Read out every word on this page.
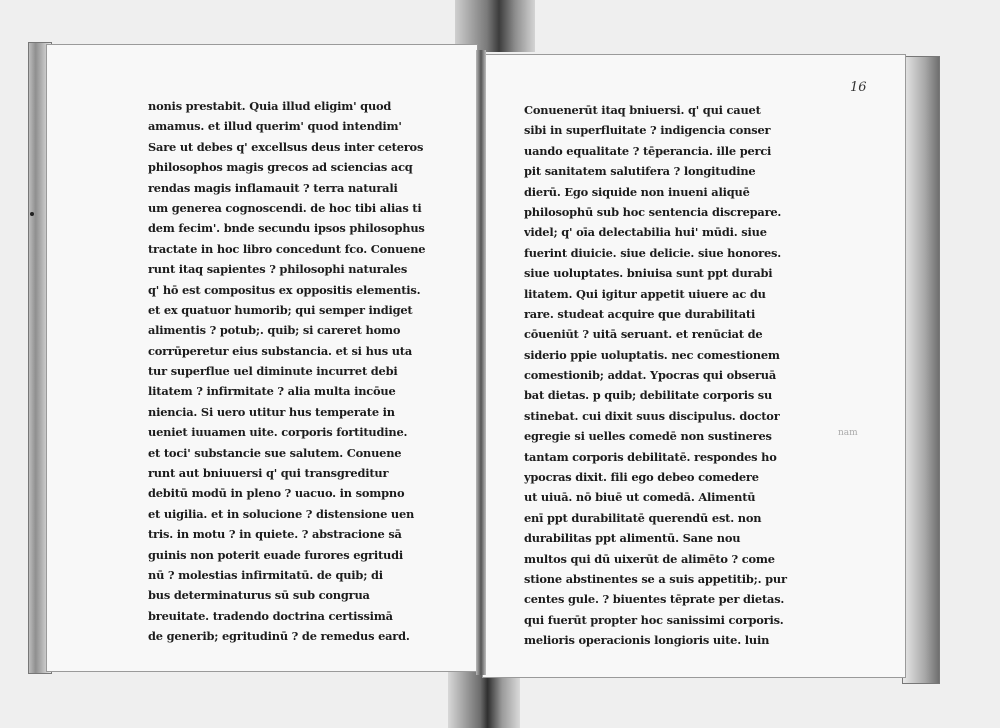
16
nam
nonis prestabit. Quia illud eligim' quod
amamus. et illud querim' quod intendim'
Sare ut debes q' excellsus deus inter ceteros
philosophos magis grecos ad sciencias acq
rendas magis inflamauit ? terra naturali
um generea cognoscendi. de hoc tibi alias ti
dem fecim'. bnde secundu ipsos philosophus
tractate in hoc libro concedunt fco. Conuene
runt itaq sapientes ? philosophi naturales
q' hō est compositus ex oppositis elementis.
et ex quatuor humorib; qui semper indiget
alimentis ? potub;. quib; si careret homo
corrūperetur eius substancia. et si hus uta
tur superflue uel diminute incurret debi
litatem ? infirmitate ? alia multa incōue
niencia. Si uero utitur hus temperate in
ueniet iuuamen uite. corporis fortitudine.
et toci' substancie sue salutem. Conuene
runt aut bniuuersi q' qui transgreditur
debitū modū in pleno ? uacuo. in sompno
et uigilia. et in solucione ? distensione uen
tris. in motu ? in quiete. ? abstracione sā
guinis non poterit euade furores egritudi
nū ? molestias infirmitatū. de quib; di
bus determinaturus sū sub congrua
breuitate. tradendo doctrina certissimā
de generib; egritudinū ? de remedus eard.
Conuenerūt itaq bniuersi. q' qui cauet
sibi in superfluitate ? indigencia conser
uando equalitate ? tēperancia. ille perci
pit sanitatem salutifera ? longitudine
dierū. Ego siquide non inueni aliquē
philosophū sub hoc sentencia discrepare.
videl; q' oīa delectabilia hui' mūdi. siue
fuerint diuicie. siue delicie. siue honores.
siue uoluptates. bniuisa sunt ppt durabi
litatem. Qui igitur appetit uiuere ac du
rare. studeat acquire que durabilitati
cōueniūt ? uitā seruant. et renūciat de
siderio ppie uoluptatis. nec comestionem
comestionib; addat. Ypocras qui obseruā
bat dietas. p quib; debilitate corporis su
stinebat. cui dixit suus discipulus. doctor
egregie si uelles comedē non sustineres
tantam corporis debilitatē. respondes ho
ypocras dixit. fili ego debeo comedere
ut uiuā. nō biuē ut comedā. Alimentū
enī ppt durabilitatē querendū est. non
durabilitas ppt alimentū. Sane nou
multos qui dū uixerūt de alimēto ? come
stione abstinentes se a suis appetitib;. pur
centes gule. ? biuentes tēprate per dietas.
qui fuerūt propter hoc sanissimi corporis.
melioris operacionis longioris uite. luin
